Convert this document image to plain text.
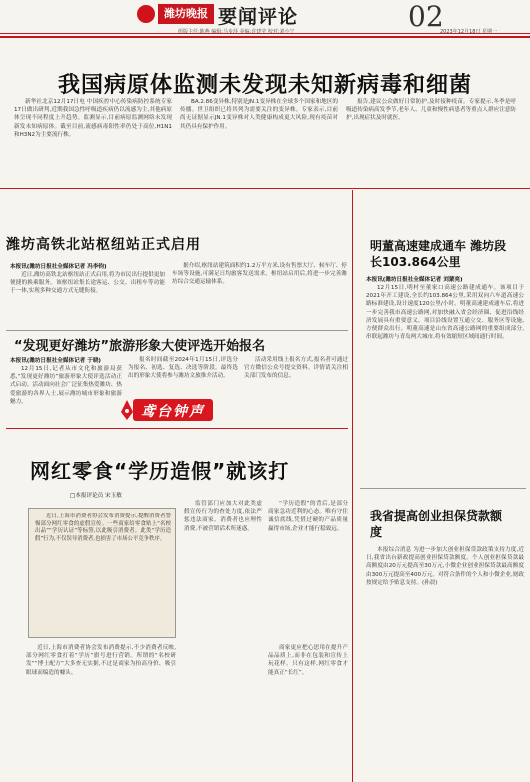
潍坊晚报 要闻评论	02
组版主任:陈燕 编辑:马步莎 美编:许建莹 校对:刘小宁	2023年12月18日 星期一
我国病原体监测未发现未知新病毒和细菌

新华社北京12月17日电 中国疾控中心传染病防控系统专家17日做出研判,近期我国急性呼吸道疾病仍以流感为主,其他病原体呈现不同程度上升趋势。监测显示,目前病原监测网络未发现新发未知病原体。截至目前,流感病毒阳性率仍处于高位,H1N1和H3N2为主要流行株。

BA.2.86变异株,特别是JN.1变异株在全球多个国家和地区的传播。世卫组织已将其列为需要关注的变异株。专家表示,目前尚无证据显示JN.1变异株对人类健康构成更大风险,现有疫苗对其仍具有保护作用。

报告,建议公众做好日常防护,及时接种疫苗。专家提示,冬季是呼吸道传染病高发季节,老年人、儿童和慢性病患者等重点人群应注意防护,出现症状及时就医。

潍坊高铁北站枢纽站正式启用
本报讯(潍坊日报社全媒体记者 冯李钧)

近日,潍坊高铁北站枢纽站正式启用,将为市民出行提供更加便捷的换乘服务。该枢纽站集长途客运、公交、出租车等功能于一体,实现多种交通方式无缝衔接。

据介绍,枢纽站建筑面积约1.2万平方米,设有售票大厅、候车厅、停车场等设施,可满足日均旅客发送需求。枢纽站启用后,将进一步完善潍坊综合交通运输体系。

“发现更好潍坊”旅游形象大使评选开始报名
本报讯(潍坊日报社全媒体记者 于晓)

12月15日,记者从市文化和旅游局获悉,“发现更好潍坊”旅游形象大使评选活动正式启动。活动面向社会广泛征集热爱潍坊、热爱旅游的各界人士,展示潍坊城市形象和旅游魅力。

报名时间截至2024年1月15日,评选分为报名、初选、复选、决选等阶段。最终选出的形象大使将参与潍坊文旅推介活动。

活动采用线上报名方式,报名者可通过官方微信公众号提交资料。详情请关注相关部门发布的信息。

明董高速建成通车 潍坊段长103.864公里
本报讯(潍坊日报社全媒体记者 刘蒙亮)

12月15日,明村至董家口高速公路建成通车。该项目于2021年开工建设,全长约103.864公里,采用双向六车道高速公路标准建设,设计速度120公里/小时。明董高速建成通车后,将进一步完善我市高速公路网,对加快融入省会经济圈、促进沿线经济发展具有重要意义。项目沿线设置互通立交、服务区等设施,方便群众出行。明董高速是山东省高速公路网的重要组成部分,串联起潍坊与青岛两大城市,将有效缩短区域间通行时间。

我省提高创业担保贷款额度

本报综合消息 为进一步加大创业担保贷款政策支持力度,近日,我省出台新政提高创业担保贷款额度。个人创业担保贷款最高额度由20万元提高至30万元,小微企业创业担保贷款最高额度由300万元提高至400万元。对符合条件的个人和小微企业,财政按规定给予贴息支持。(孙晨)

鸢台钟声
网红零食“学历造假”就该打
□本报评论员 宋玉敏

近日,上海市消费者协会发布消费提示,提醒消费者警惕部分网红零食的虚假宣传。一些商家给零食贴上“名校出品”“学历认证”等标签,以此吸引消费者。此类“学历造假”行为,不仅误导消费者,也损害了市场公平竞争秩序。

近日,上海市消费者协会发布消费提示,不少消费者反映,部分网红零食打着“学历”旗号进行营销。所谓的“名校研发”“博士配方”大多查无实据,不过是商家为抬高身价、吸引眼球而编造的噱头。

监管部门应加大对此类虚假宣传行为的查处力度,依法严惩违法商家。消费者也应理性消费,不被营销话术所迷惑。

“学历造假”的背后,是部分商家急功近利的心态。唯有守住诚信底线,凭借过硬的产品质量赢得市场,企业才能行稳致远。

商家更应把心思用在提升产品品质上,而非在包装和宣传上玩花样。只有这样,网红零食才能真正“长红”。
